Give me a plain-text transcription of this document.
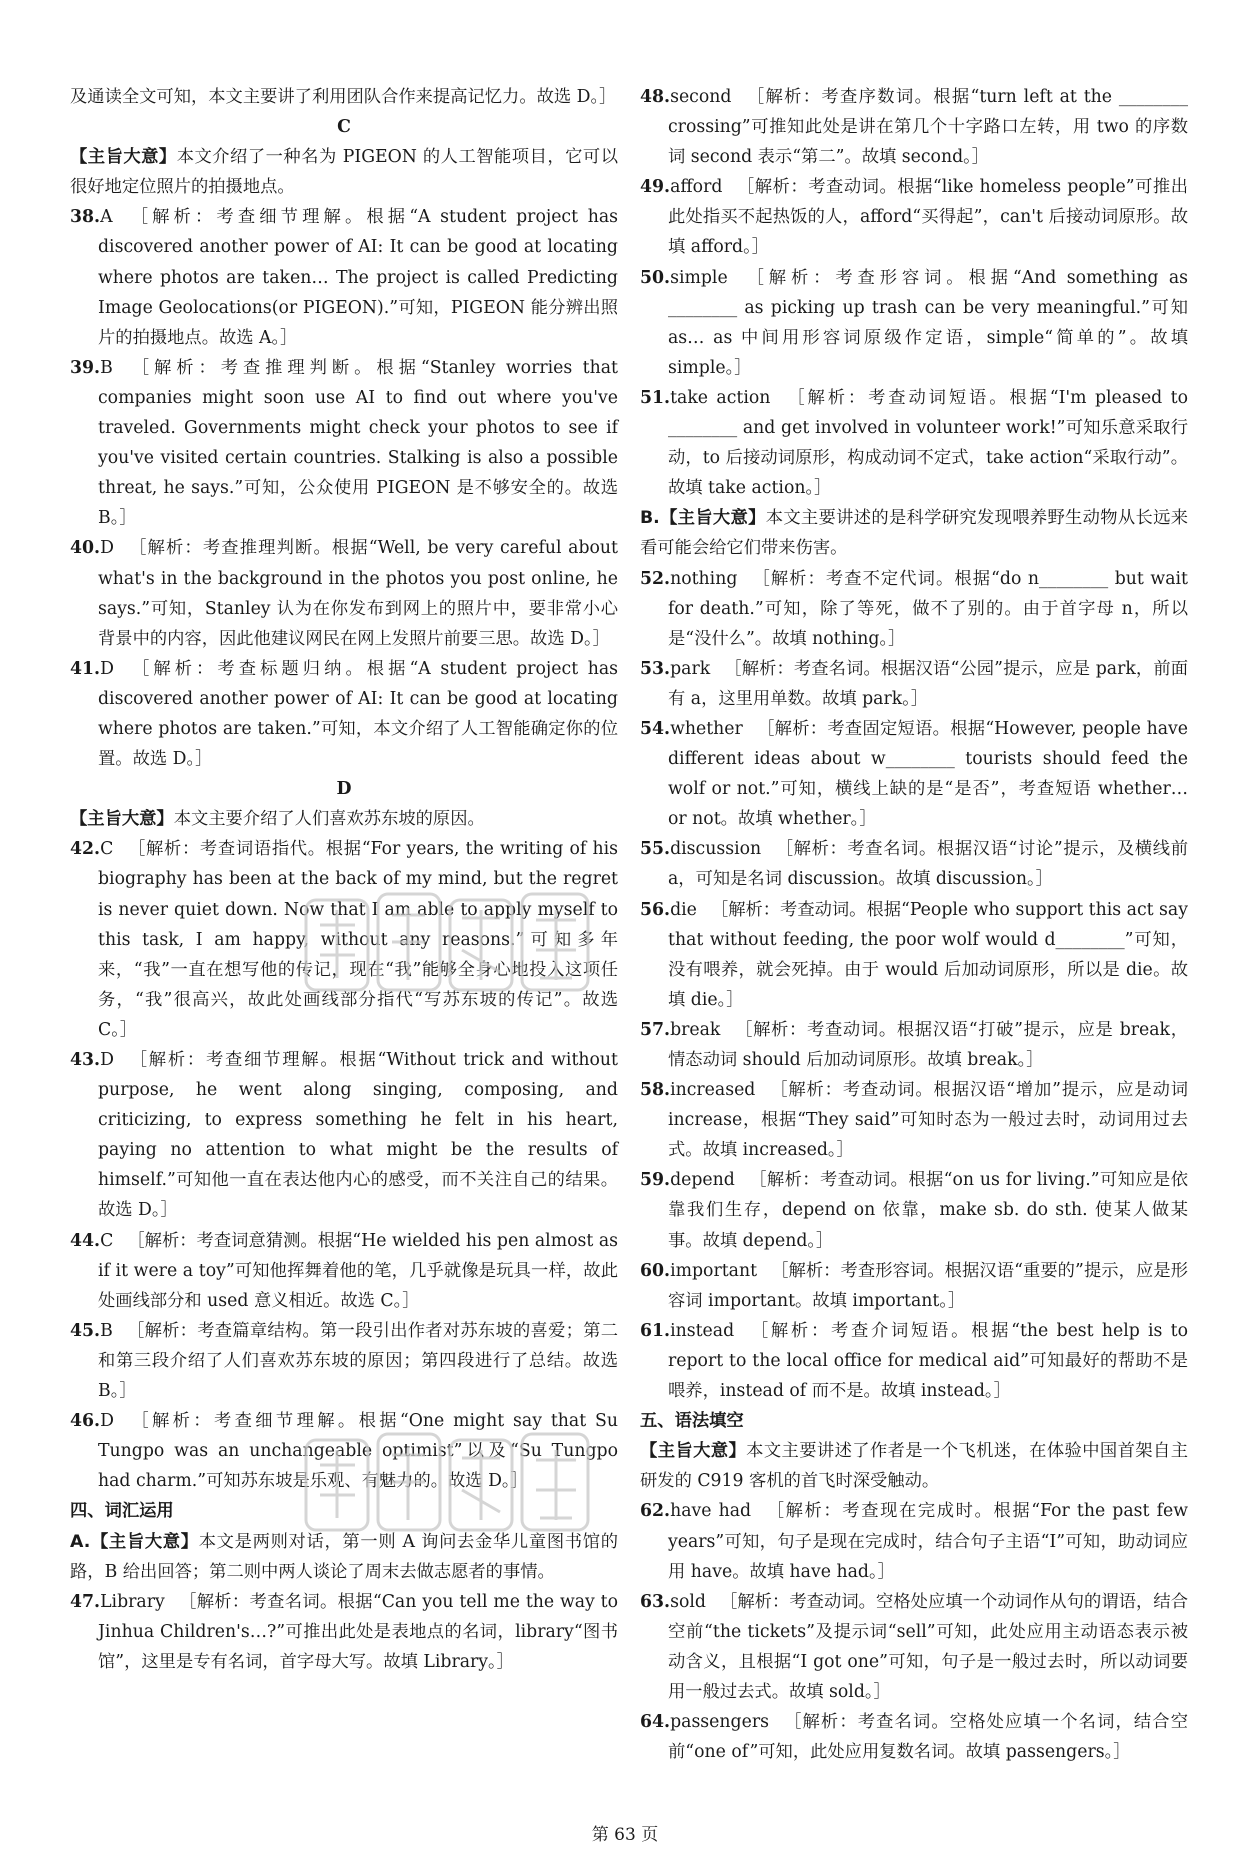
及通读全文可知，本文主要讲了利用团队合作来提高记忆力。故选 D。］

C

【主旨大意】本文介绍了一种名为 PIGEON 的人工智能项目，它可以很好地定位照片的拍摄地点。

38.A ［解析：考查细节理解。根据“A student project has discovered another power of AI: It can be good at locating where photos are taken… The project is called Predicting Image Geolocations(or PIGEON).”可知，PIGEON 能分辨出照片的拍摄地点。故选 A。］

39.B ［解析：考查推理判断。根据“Stanley worries that companies might soon use AI to find out where you've traveled. Governments might check your photos to see if you've visited certain countries. Stalking is also a possible threat, he says.”可知，公众使用 PIGEON 是不够安全的。故选 B。］

40.D ［解析：考查推理判断。根据“Well, be very careful about what's in the background in the photos you post online, he says.”可知，Stanley 认为在你发布到网上的照片中，要非常小心背景中的内容，因此他建议网民在网上发照片前要三思。故选 D。］

41.D ［解析：考查标题归纳。根据“A student project has discovered another power of AI: It can be good at locating where photos are taken.”可知，本文介绍了人工智能确定你的位置。故选 D。］

D

【主旨大意】本文主要介绍了人们喜欢苏东坡的原因。

42.C ［解析：考查词语指代。根据“For years, the writing of his biography has been at the back of my mind, but the regret is never quiet down. Now that I am able to apply myself to this task, I am happy, without any reasons.”可知多年来，“我”一直在想写他的传记，现在“我”能够全身心地投入这项任务，“我”很高兴，故此处画线部分指代“写苏东坡的传记”。故选 C。］

43.D ［解析：考查细节理解。根据“Without trick and without purpose, he went along singing, composing, and criticizing, to express something he felt in his heart, paying no attention to what might be the results of himself.”可知他一直在表达他内心的感受，而不关注自己的结果。故选 D。］

44.C ［解析：考查词意猜测。根据“He wielded his pen almost as if it were a toy”可知他挥舞着他的笔，几乎就像是玩具一样，故此处画线部分和 used 意义相近。故选 C。］

45.B ［解析：考查篇章结构。第一段引出作者对苏东坡的喜爱；第二和第三段介绍了人们喜欢苏东坡的原因；第四段进行了总结。故选 B。］

46.D ［解析：考查细节理解。根据“One might say that Su Tungpo was an unchangeable optimist”以及“Su Tungpo had charm.”可知苏东坡是乐观、有魅力的。故选 D。］

四、词汇运用

A.【主旨大意】本文是两则对话，第一则 A 询问去金华儿童图书馆的路，B 给出回答；第二则中两人谈论了周末去做志愿者的事情。

47.Library ［解析：考查名词。根据“Can you tell me the way to Jinhua Children's…?”可推出此处是表地点的名词，library“图书馆”，这里是专有名词，首字母大写。故填 Library。］

48.second ［解析：考查序数词。根据“turn left at the ________ crossing”可推知此处是讲在第几个十字路口左转，用 two 的序数词 second 表示“第二”。故填 second。］

49.afford ［解析：考查动词。根据“like homeless people”可推出此处指买不起热饭的人，afford“买得起”，can't 后接动词原形。故填 afford。］

50.simple ［解析：考查形容词。根据“And something as ________ as picking up trash can be very meaningful.”可知 as… as 中间用形容词原级作定语，simple“简单的”。故填 simple。］

51.take action ［解析：考查动词短语。根据“I'm pleased to ________ and get involved in volunteer work!”可知乐意采取行动，to 后接动词原形，构成动词不定式，take action“采取行动”。故填 take action。］

B.【主旨大意】本文主要讲述的是科学研究发现喂养野生动物从长远来看可能会给它们带来伤害。

52.nothing ［解析：考查不定代词。根据“do n________ but wait for death.”可知，除了等死，做不了别的。由于首字母 n，所以是“没什么”。故填 nothing。］

53.park ［解析：考查名词。根据汉语“公园”提示，应是 park，前面有 a，这里用单数。故填 park。］

54.whether ［解析：考查固定短语。根据“However, people have different ideas about w________ tourists should feed the wolf or not.”可知，横线上缺的是“是否”，考查短语 whether… or not。故填 whether。］

55.discussion ［解析：考查名词。根据汉语“讨论”提示，及横线前 a，可知是名词 discussion。故填 discussion。］

56.die ［解析：考查动词。根据“People who support this act say that without feeding, the poor wolf would d________”可知，没有喂养，就会死掉。由于 would 后加动词原形，所以是 die。故填 die。］

57.break ［解析：考查动词。根据汉语“打破”提示，应是 break，情态动词 should 后加动词原形。故填 break。］

58.increased ［解析：考查动词。根据汉语“增加”提示，应是动词 increase，根据“They said”可知时态为一般过去时，动词用过去式。故填 increased。］

59.depend ［解析：考查动词。根据“on us for living.”可知应是依靠我们生存，depend on 依靠，make sb. do sth. 使某人做某事。故填 depend。］

60.important ［解析：考查形容词。根据汉语“重要的”提示，应是形容词 important。故填 important。］

61.instead ［解析：考查介词短语。根据“the best help is to report to the local office for medical aid”可知最好的帮助不是喂养，instead of 而不是。故填 instead。］

五、语法填空

【主旨大意】本文主要讲述了作者是一个飞机迷，在体验中国首架自主研发的 C919 客机的首飞时深受触动。

62.have had ［解析：考查现在完成时。根据“For the past few years”可知，句子是现在完成时，结合句子主语“I”可知，助动词应用 have。故填 have had。］

63.sold ［解析：考查动词。空格处应填一个动词作从句的谓语，结合空前“the tickets”及提示词“sell”可知，此处应用主动语态表示被动含义，且根据“I got one”可知，句子是一般过去时，所以动词要用一般过去式。故填 sold。］

64.passengers ［解析：考查名词。空格处应填一个名词，结合空前“one of”可知，此处应用复数名词。故填 passengers。］

第 63 页
